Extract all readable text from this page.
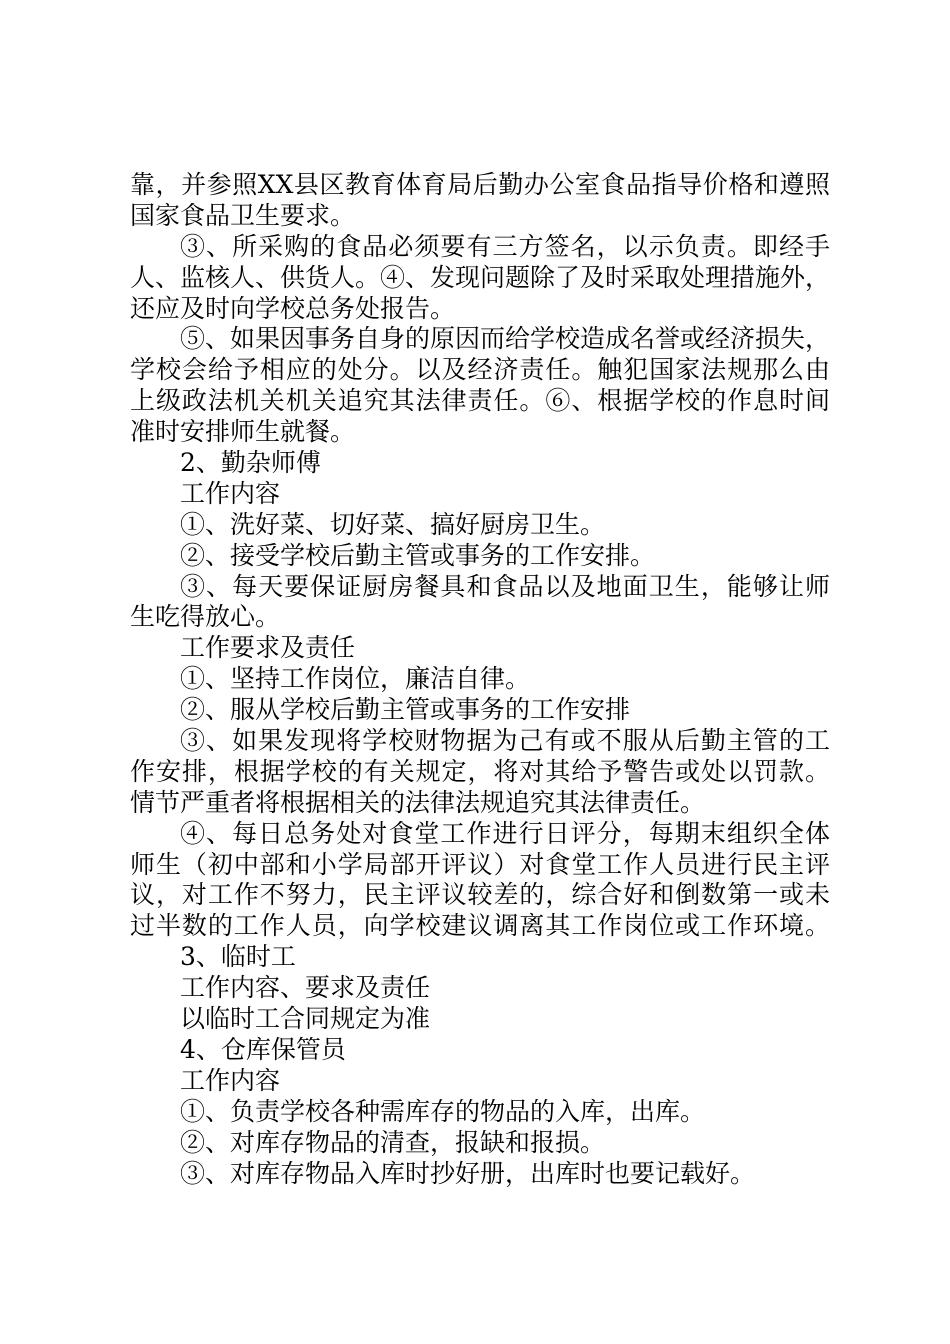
靠，并参照XX县区教育体育局后勤办公室食品指导价格和遵照
国家食品卫生要求。
③、所采购的食品必须要有三方签名，以示负责。即经手
人、监核人、供货人。④、发现问题除了及时采取处理措施外，
还应及时向学校总务处报告。
⑤、如果因事务自身的原因而给学校造成名誉或经济损失，
学校会给予相应的处分。以及经济责任。触犯国家法规那么由
上级政法机关机关追究其法律责任。⑥、根据学校的作息时间
准时安排师生就餐。
2、勤杂师傅
工作内容
①、洗好菜、切好菜、搞好厨房卫生。
②、接受学校后勤主管或事务的工作安排。
③、每天要保证厨房餐具和食品以及地面卫生，能够让师
生吃得放心。
工作要求及责任
①、坚持工作岗位，廉洁自律。
②、服从学校后勤主管或事务的工作安排
③、如果发现将学校财物据为己有或不服从后勤主管的工
作安排，根据学校的有关规定，将对其给予警告或处以罚款。
情节严重者将根据相关的法律法规追究其法律责任。
④、每日总务处对食堂工作进行日评分，每期末组织全体
师生（初中部和小学局部开评议）对食堂工作人员进行民主评
议，对工作不努力，民主评议较差的，综合好和倒数第一或未
过半数的工作人员，向学校建议调离其工作岗位或工作环境。
3、临时工
工作内容、要求及责任
以临时工合同规定为准
4、仓库保管员
工作内容
①、负责学校各种需库存的物品的入库，出库。
②、对库存物品的清查，报缺和报损。
③、对库存物品入库时抄好册，出库时也要记载好。
